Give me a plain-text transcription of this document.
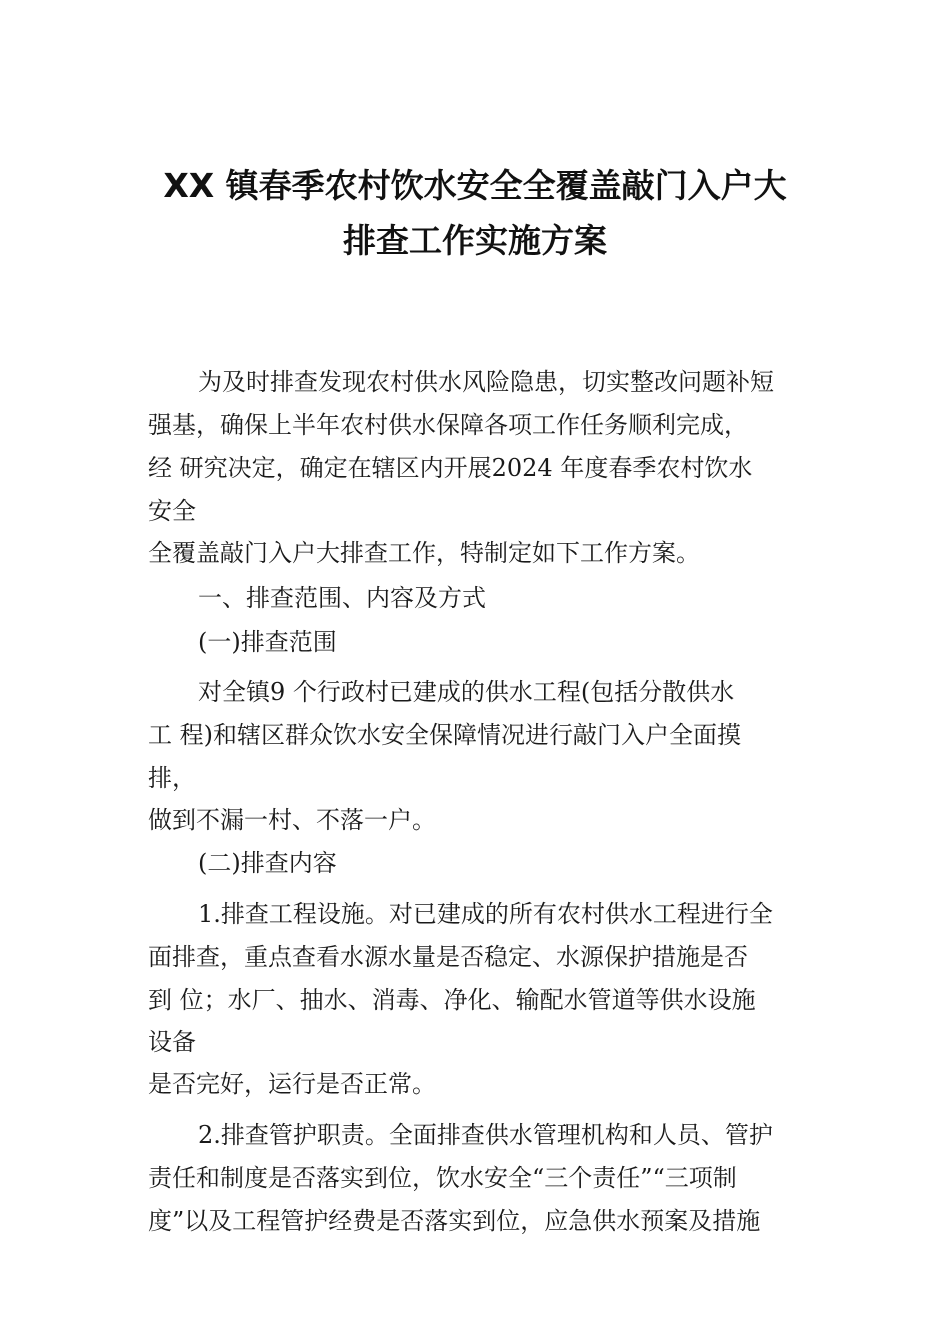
XX 镇春季农村饮水安全全覆盖敲门入户大
排查工作实施方案
为及时排查发现农村供水风险隐患，切实整改问题补短
强基，确保上半年农村供水保障各项工作任务顺利完成，
经 研究决定，确定在辖区内开展2024 年度春季农村饮水
安全
全覆盖敲门入户大排查工作，特制定如下工作方案。
一、排查范围、内容及方式
(一)排查范围
对全镇9 个行政村已建成的供水工程(包括分散供水
工 程)和辖区群众饮水安全保障情况进行敲门入户全面摸
排，
做到不漏一村、不落一户。
(二)排查内容
1.排查工程设施。对已建成的所有农村供水工程进行全
面排查，重点查看水源水量是否稳定、水源保护措施是否
到 位；水厂、抽水、消毒、净化、输配水管道等供水设施
设备
是否完好，运行是否正常。
2.排查管护职责。全面排查供水管理机构和人员、管护
责任和制度是否落实到位，饮水安全“三个责任”“三项制
度”以及工程管护经费是否落实到位，应急供水预案及措施
